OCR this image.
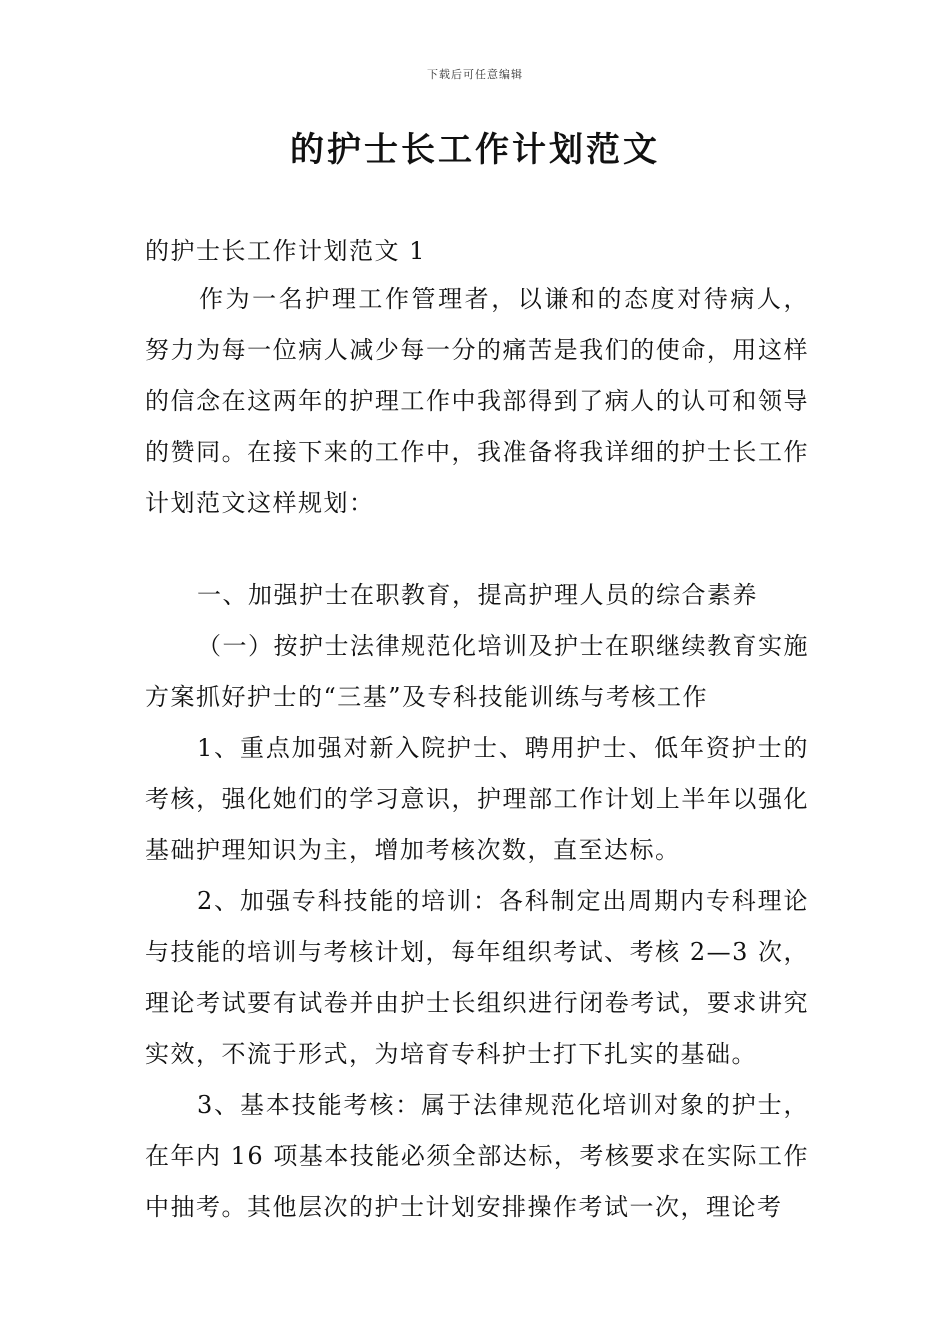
下载后可任意编辑
的护士长工作计划范文

的护士长工作计划范文 1

作为一名护理工作管理者，以谦和的态度对待病人，努力为每一位病人减少每一分的痛苦是我们的使命，用这样的信念在这两年的护理工作中我部得到了病人的认可和领导的赞同。在接下来的工作中，我准备将我详细的护士长工作计划范文这样规划：

一、加强护士在职教育，提高护理人员的综合素养

（一）按护士法律规范化培训及护士在职继续教育实施方案抓好护士的“三基”及专科技能训练与考核工作

1、重点加强对新入院护士、聘用护士、低年资护士的考核，强化她们的学习意识，护理部工作计划上半年以强化基础护理知识为主，增加考核次数，直至达标。

2、加强专科技能的培训：各科制定出周期内专科理论与技能的培训与考核计划，每年组织考试、考核 2—3 次，理论考试要有试卷并由护士长组织进行闭卷考试，要求讲究实效，不流于形式，为培育专科护士打下扎实的基础。

3、基本技能考核：属于法律规范化培训对象的护士，在年内 16 项基本技能必须全部达标，考核要求在实际工作中抽考。其他层次的护士计划安排操作考试一次，理论考
